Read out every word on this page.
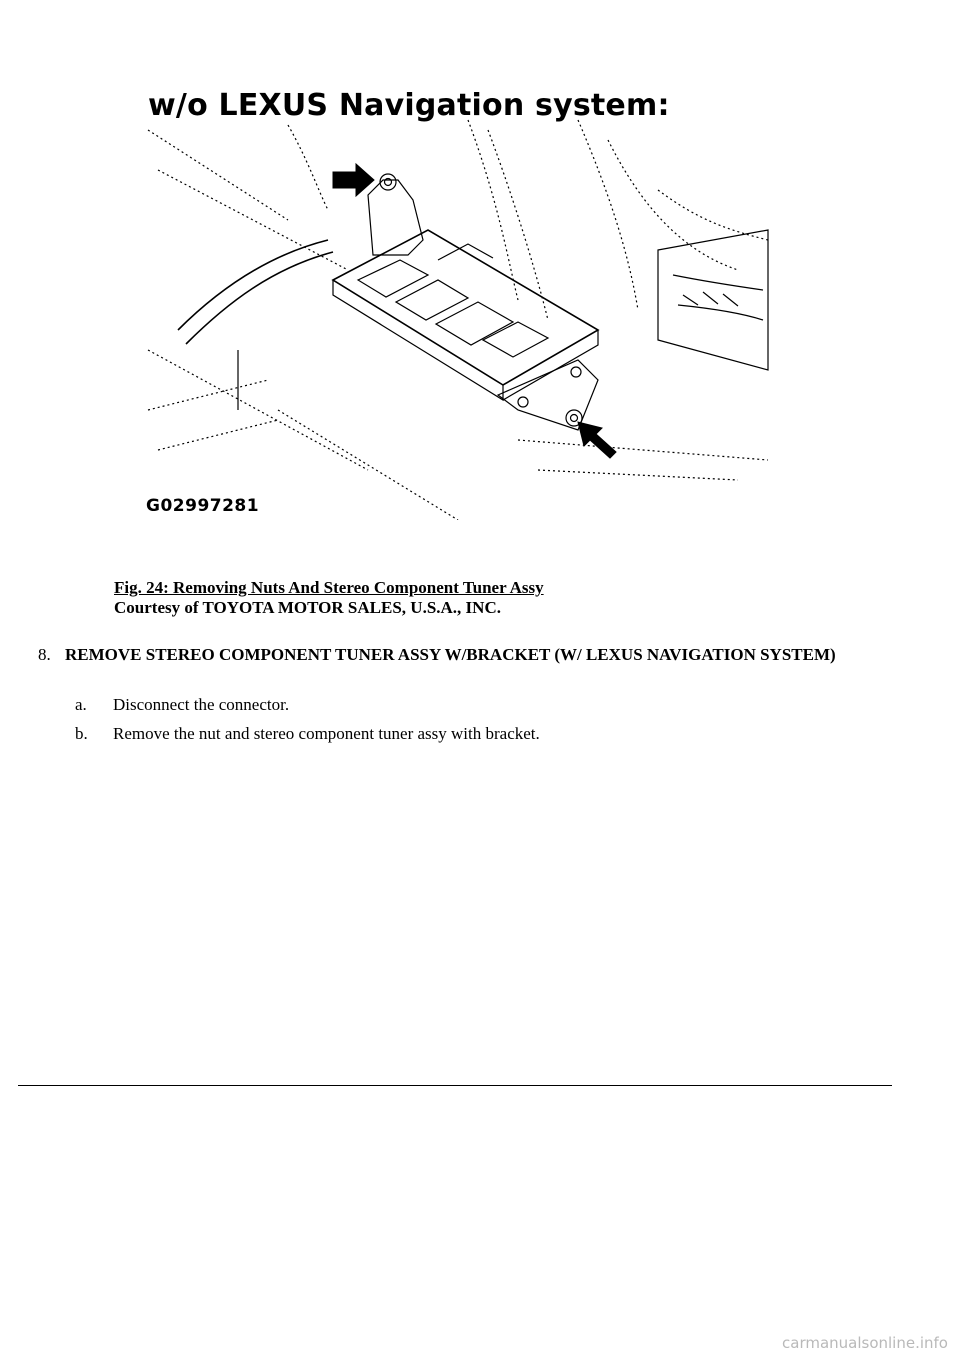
w/o LEXUS Navigation system:
G02997281
Fig. 24: Removing Nuts And Stereo Component Tuner Assy
Courtesy of TOYOTA MOTOR SALES, U.S.A., INC.
8. REMOVE STEREO COMPONENT TUNER ASSY W/BRACKET (W/ LEXUS NAVIGATION SYSTEM)
a. Disconnect the connector.
b. Remove the nut and stereo component tuner assy with bracket.
carmanualsonline.info
